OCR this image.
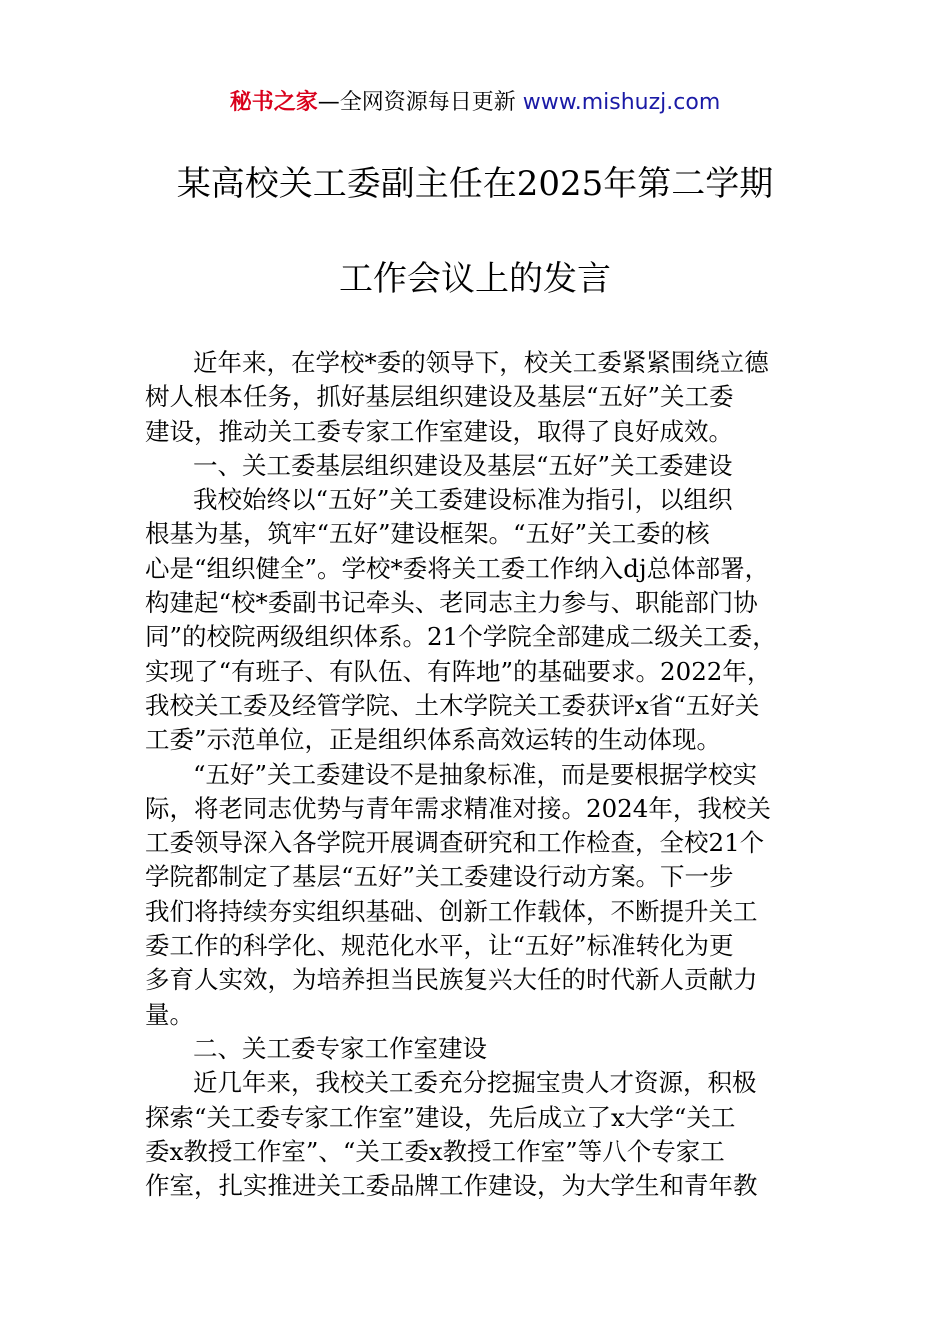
秘书之家—全网资源每日更新 www.mishuzj.com
某高校关工委副主任在2025年第二学期
工作会议上的发言
近年来，在学校*委的领导下，校关工委紧紧围绕立德
树人根本任务，抓好基层组织建设及基层“五好”关工委
建设，推动关工委专家工作室建设，取得了良好成效。
一、关工委基层组织建设及基层“五好”关工委建设
我校始终以“五好”关工委建设标准为指引，以组织
根基为基，筑牢“五好”建设框架。“五好”关工委的核
心是“组织健全”。学校*委将关工委工作纳入dj总体部署，
构建起“校*委副书记牵头、老同志主力参与、职能部门协
同”的校院两级组织体系。21个学院全部建成二级关工委，
实现了“有班子、有队伍、有阵地”的基础要求。2022年，
我校关工委及经管学院、土木学院关工委获评x省“五好关
工委”示范单位，正是组织体系高效运转的生动体现。
“五好”关工委建设不是抽象标准，而是要根据学校实
际，将老同志优势与青年需求精准对接。2024年，我校关
工委领导深入各学院开展调查研究和工作检查，全校21个
学院都制定了基层“五好”关工委建设行动方案。下一步
我们将持续夯实组织基础、创新工作载体，不断提升关工
委工作的科学化、规范化水平，让“五好”标准转化为更
多育人实效，为培养担当民族复兴大任的时代新人贡献力
量。
二、关工委专家工作室建设
近几年来，我校关工委充分挖掘宝贵人才资源，积极
探索“关工委专家工作室”建设，先后成立了x大学“关工
委x教授工作室”、“关工委x教授工作室”等八个专家工
作室，扎实推进关工委品牌工作建设，为大学生和青年教
